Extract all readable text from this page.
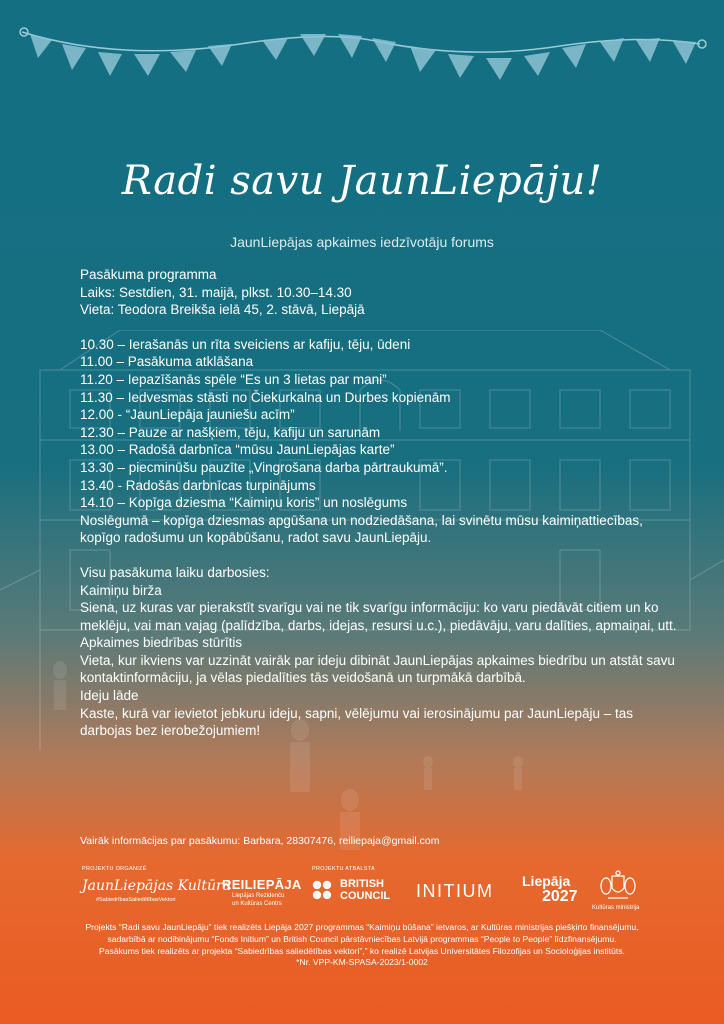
Radi savu JaunLiepāju!
JaunLiepājas apkaimes iedzīvotāju forums

Pasākuma programma

Laiks: Sestdien, 31. maijā, plkst. 10.30–14.30

Vieta: Teodora Breikša ielā 45, 2. stāvā, Liepājā

10.30 – Ierašanās un rīta sveiciens ar kafiju, tēju, ūdeni

11.00 – Pasākuma atklāšana

11.20 – Iepazīšanās spēle “Es un 3 lietas par mani”

11.30 – Iedvesmas stāsti no Čiekurkalna un Durbes kopienām

12.00 - “JaunLiepāja jauniešu acīm”

12.30 – Pauze ar našķiem, tēju, kafiju un sarunām

13.00 – Radošā darbnīca “mūsu JaunLiepājas karte”

13.30 – piecminūšu pauzīte „Vingrošana darba pārtraukumā”.

13.40 - Radošās darbnīcas turpinājums

14.10 – Kopīga dziesma “Kaimiņu koris” un noslēgums

Noslēgumā – kopīga dziesmas apgūšana un nodziedāšana, lai svinētu mūsu kaimiņattiecības, kopīgo radošumu un kopābūšanu, radot savu JaunLiepāju.

Visu pasākuma laiku darbosies:

Kaimiņu birža

Siena, uz kuras var pierakstīt svarīgu vai ne tik svarīgu informāciju: ko varu piedāvāt citiem un ko meklēju, vai man vajag (palīdzība, darbs, idejas, resursi u.c.), piedāvāju, varu dalīties, apmaiņai, utt.

Apkaimes biedrības stūrītis

Vieta, kur ikviens var uzzināt vairāk par ideju dibināt JaunLiepājas apkaimes biedrību un atstāt savu kontaktinformāciju, ja vēlas piedalīties tās veidošanā un turpmākā darbībā.

Ideju lāde

Kaste, kurā var ievietot jebkuru ideju, sapni, vēlējumu vai ierosinājumu par JaunLiepāju – tas darbojas bez ierobežojumiem!

Vairāk informācijas par pasākumu: Barbara, 28307476, reiliepaja@gmail.com
PROJEKTU ORGANIZĒ	PROJEKTU ATBALSTA
JaunLiepājas Kultūra
#SabiedrībasSaliedētībasVektori
REILIEPĀJA
Liepājas Rezidenču
un Kultūras Centrs
BRITISH
COUNCIL INITIUM Liepāja
2027
Kultūras ministrija
Projekts “Radi savu JaunLiepāju” tiek realizēts Liepāja 2027 programmas “Kaimiņu būšana” ietvaros, ar Kultūras ministrijas piešķirto finansējumu,
sadarbībā ar nodibinājumu “Fonds Initium” un British Council pārstāvniecības Latvijā programmas “People to People” līdzfinansējumu.
Pasākums tiek realizēts ar projekta “Sabiedrības saliedētības vektori”,” ko realizē Latvijas Universitātes Filozofijas un Socioloģijas institūts.
*Nr. VPP-KM-SPASA-2023/1-0002
